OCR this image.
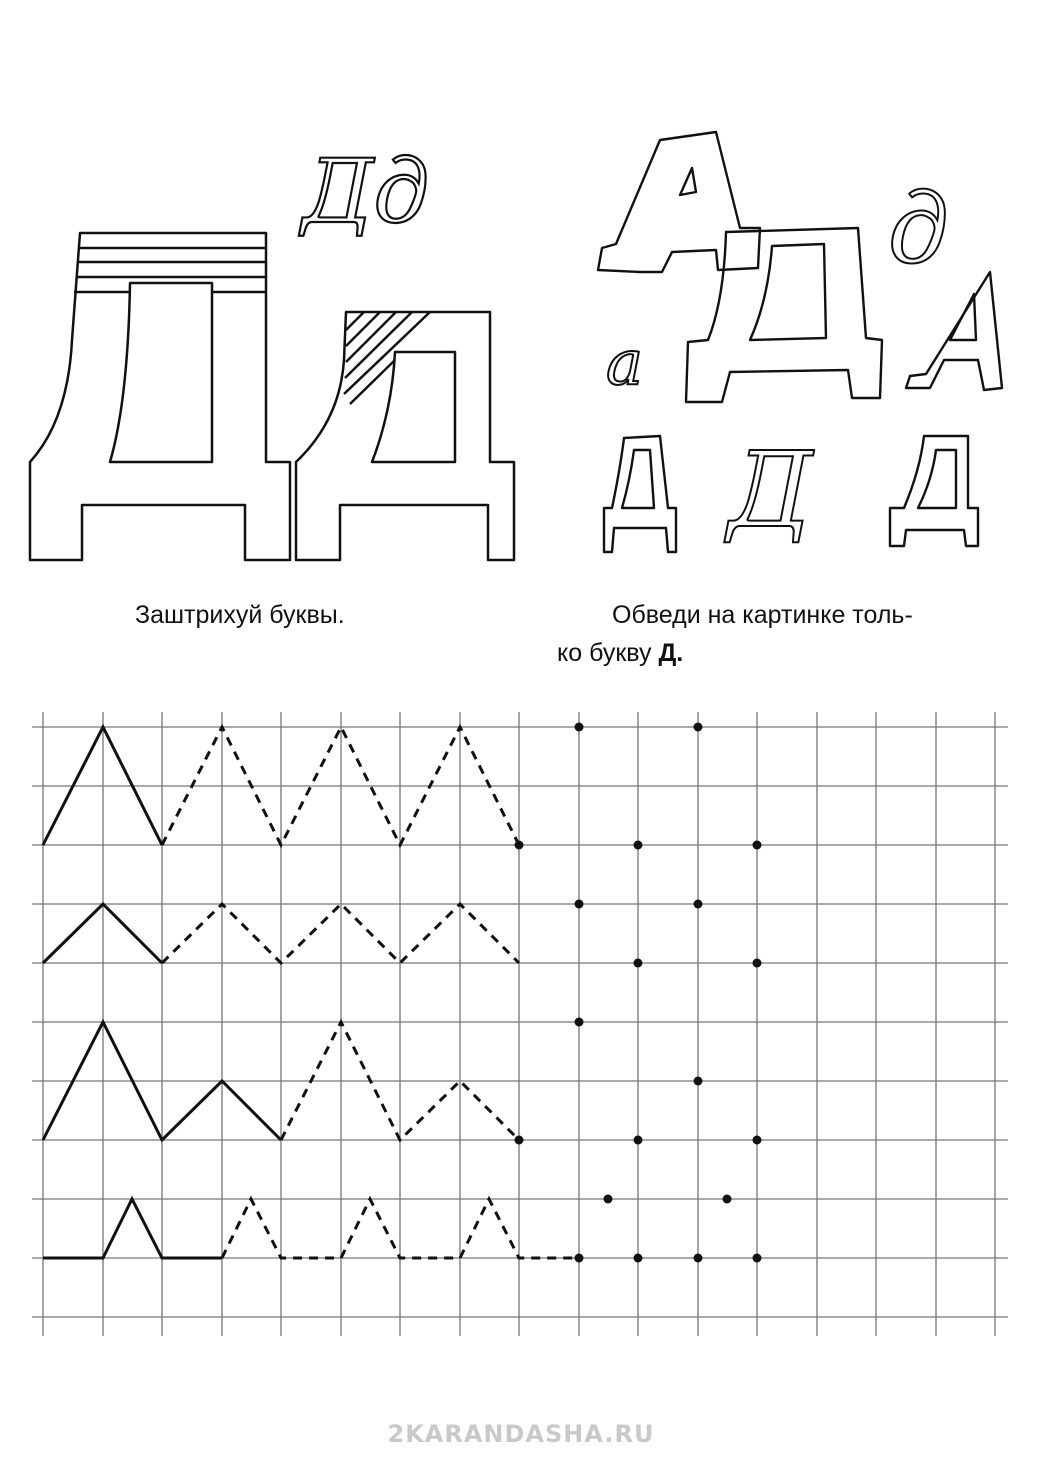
Дд	д
а
Д
Заштрихуй буквы.	Обведи на картинке толь-
ко букву Д.
2KARANDASHA.RU
